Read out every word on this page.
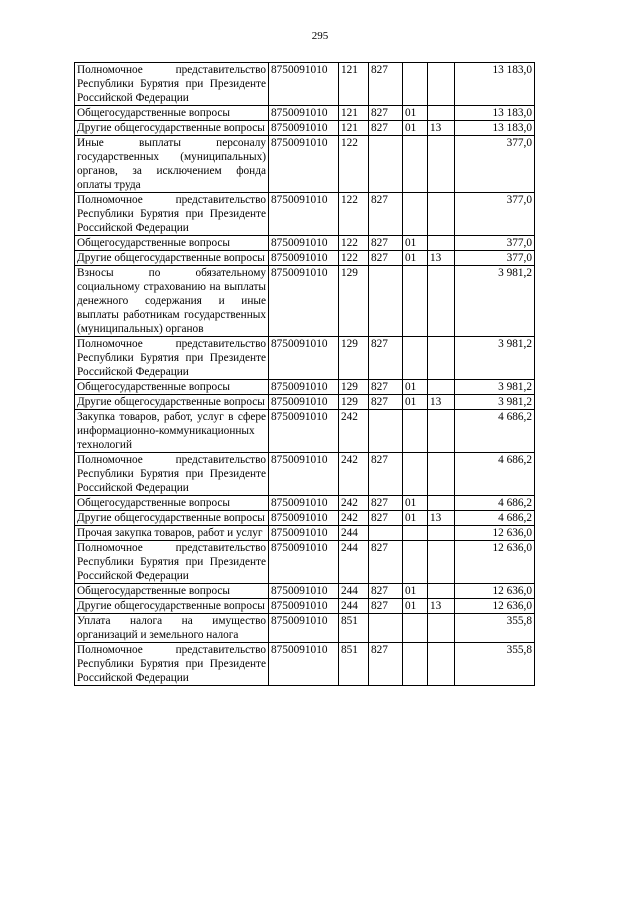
295
Полномочное представительство Республики Бурятия при Президенте Российской Федерации	8750091010	121	827			13 183,0
Общегосударственные вопросы	8750091010	121	827	01		13 183,0
Другие общегосударственные вопросы	8750091010	121	827	01	13	13 183,0
Иные выплаты персоналу государственных (муниципальных) органов, за исключением фонда оплаты труда	8750091010	122				377,0
Полномочное представительство Республики Бурятия при Президенте Российской Федерации	8750091010	122	827			377,0
Общегосударственные вопросы	8750091010	122	827	01		377,0
Другие общегосударственные вопросы	8750091010	122	827	01	13	377,0
Взносы по обязательному социальному страхованию на выплаты денежного содержания и иные выплаты работникам государственных (муниципальных) органов	8750091010	129				3 981,2
Полномочное представительство Республики Бурятия при Президенте Российской Федерации	8750091010	129	827			3 981,2
Общегосударственные вопросы	8750091010	129	827	01		3 981,2
Другие общегосударственные вопросы	8750091010	129	827	01	13	3 981,2
Закупка товаров, работ, услуг в сфере информационно-коммуникационных технологий	8750091010	242				4 686,2
Полномочное представительство Республики Бурятия при Президенте Российской Федерации	8750091010	242	827			4 686,2
Общегосударственные вопросы	8750091010	242	827	01		4 686,2
Другие общегосударственные вопросы	8750091010	242	827	01	13	4 686,2
Прочая закупка товаров, работ и услуг	8750091010	244				12 636,0
Полномочное представительство Республики Бурятия при Президенте Российской Федерации	8750091010	244	827			12 636,0
Общегосударственные вопросы	8750091010	244	827	01		12 636,0
Другие общегосударственные вопросы	8750091010	244	827	01	13	12 636,0
Уплата налога на имущество организаций и земельного налога	8750091010	851				355,8
Полномочное представительство Республики Бурятия при Президенте Российской Федерации	8750091010	851	827			355,8
